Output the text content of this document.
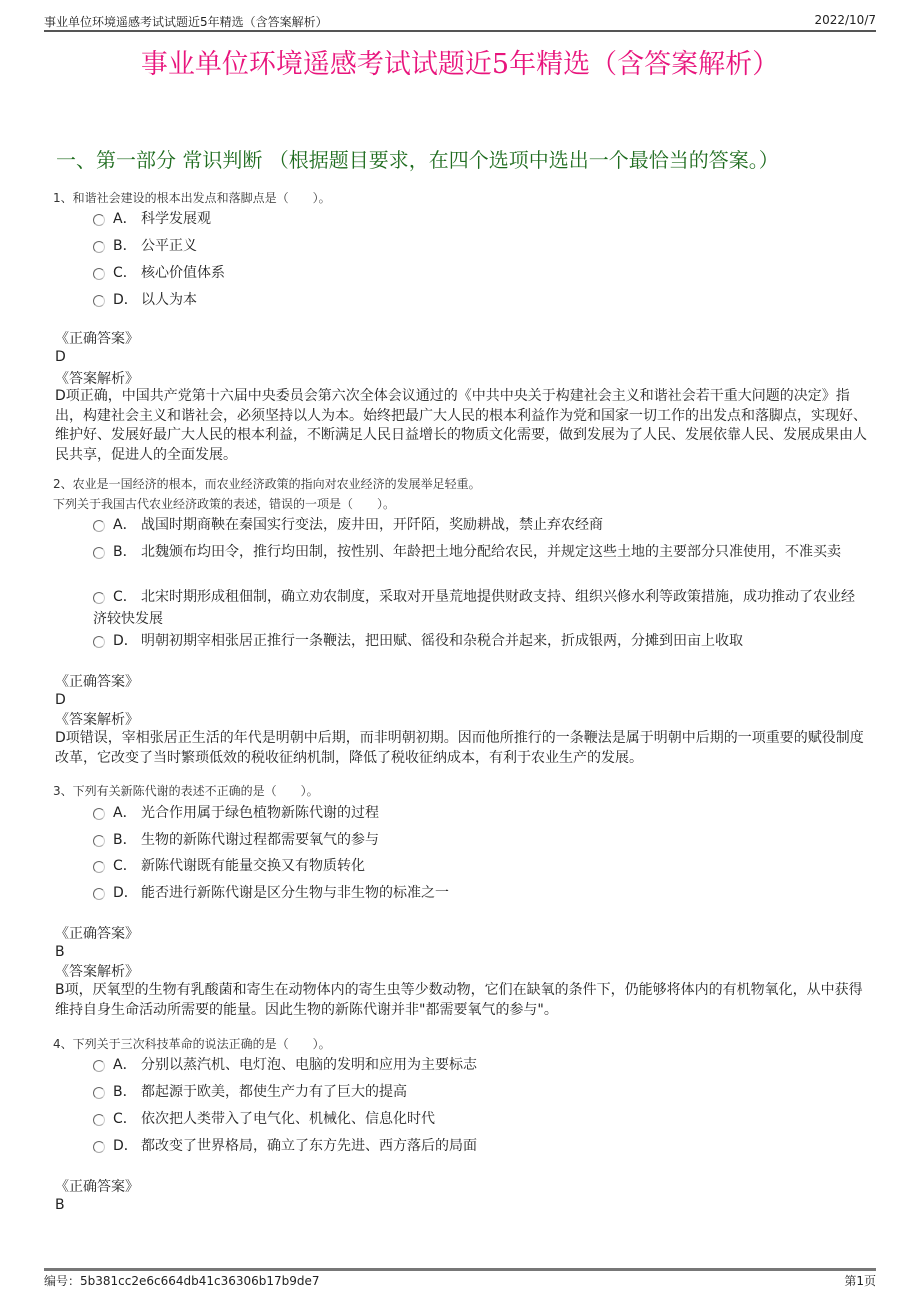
事业单位环境遥感考试试题近5年精选（含答案解析）	2022/10/7
事业单位环境遥感考试试题近5年精选（含答案解析）
一、第一部分 常识判断 （根据题目要求，在四个选项中选出一个最恰当的答案。）
1、和谐社会建设的根本出发点和落脚点是（　　）。
A． 科学发展观
B． 公平正义
C． 核心价值体系
D． 以人为本
《正确答案》
D
《答案解析》
D项正确，中国共产党第十六届中央委员会第六次全体会议通过的《中共中央关于构建社会主义和谐社会若干重大问题的决定》指出，构建社会主义和谐社会，必须坚持以人为本。始终把最广大人民的根本利益作为党和国家一切工作的出发点和落脚点，实现好、维护好、发展好最广大人民的根本利益，不断满足人民日益增长的物质文化需要，做到发展为了人民、发展依靠人民、发展成果由人民共享，促进人的全面发展。
2、农业是一国经济的根本，而农业经济政策的指向对农业经济的发展举足轻重。
下列关于我国古代农业经济政策的表述，错误的一项是（　　）。
A． 战国时期商鞅在秦国实行变法，废井田，开阡陌，奖励耕战，禁止弃农经商
B． 北魏颁布均田令，推行均田制，按性别、年龄把土地分配给农民，并规定这些土地的主要部分只准使用，不准买卖
C． 北宋时期形成租佃制，确立劝农制度，采取对开垦荒地提供财政支持、组织兴修水利等政策措施，成功推动了农业经济较快发展
D． 明朝初期宰相张居正推行一条鞭法，把田赋、徭役和杂税合并起来，折成银两，分摊到田亩上收取
《正确答案》
D
《答案解析》
D项错误，宰相张居正生活的年代是明朝中后期，而非明朝初期。因而他所推行的一条鞭法是属于明朝中后期的一项重要的赋役制度改革，它改变了当时繁琐低效的税收征纳机制，降低了税收征纳成本，有利于农业生产的发展。
3、下列有关新陈代谢的表述不正确的是（　　）。
A． 光合作用属于绿色植物新陈代谢的过程
B． 生物的新陈代谢过程都需要氧气的参与
C． 新陈代谢既有能量交换又有物质转化
D． 能否进行新陈代谢是区分生物与非生物的标准之一
《正确答案》
B
《答案解析》
B项，厌氧型的生物有乳酸菌和寄生在动物体内的寄生虫等少数动物，它们在缺氧的条件下，仍能够将体内的有机物氧化，从中获得维持自身生命活动所需要的能量。因此生物的新陈代谢并非"都需要氧气的参与"。
4、下列关于三次科技革命的说法正确的是（　　）。
A． 分别以蒸汽机、电灯泡、电脑的发明和应用为主要标志
B． 都起源于欧美，都使生产力有了巨大的提高
C． 依次把人类带入了电气化、机械化、信息化时代
D． 都改变了世界格局，确立了东方先进、西方落后的局面
《正确答案》
B
编号：5b381cc2e6c664db41c36306b17b9de7	第1页
